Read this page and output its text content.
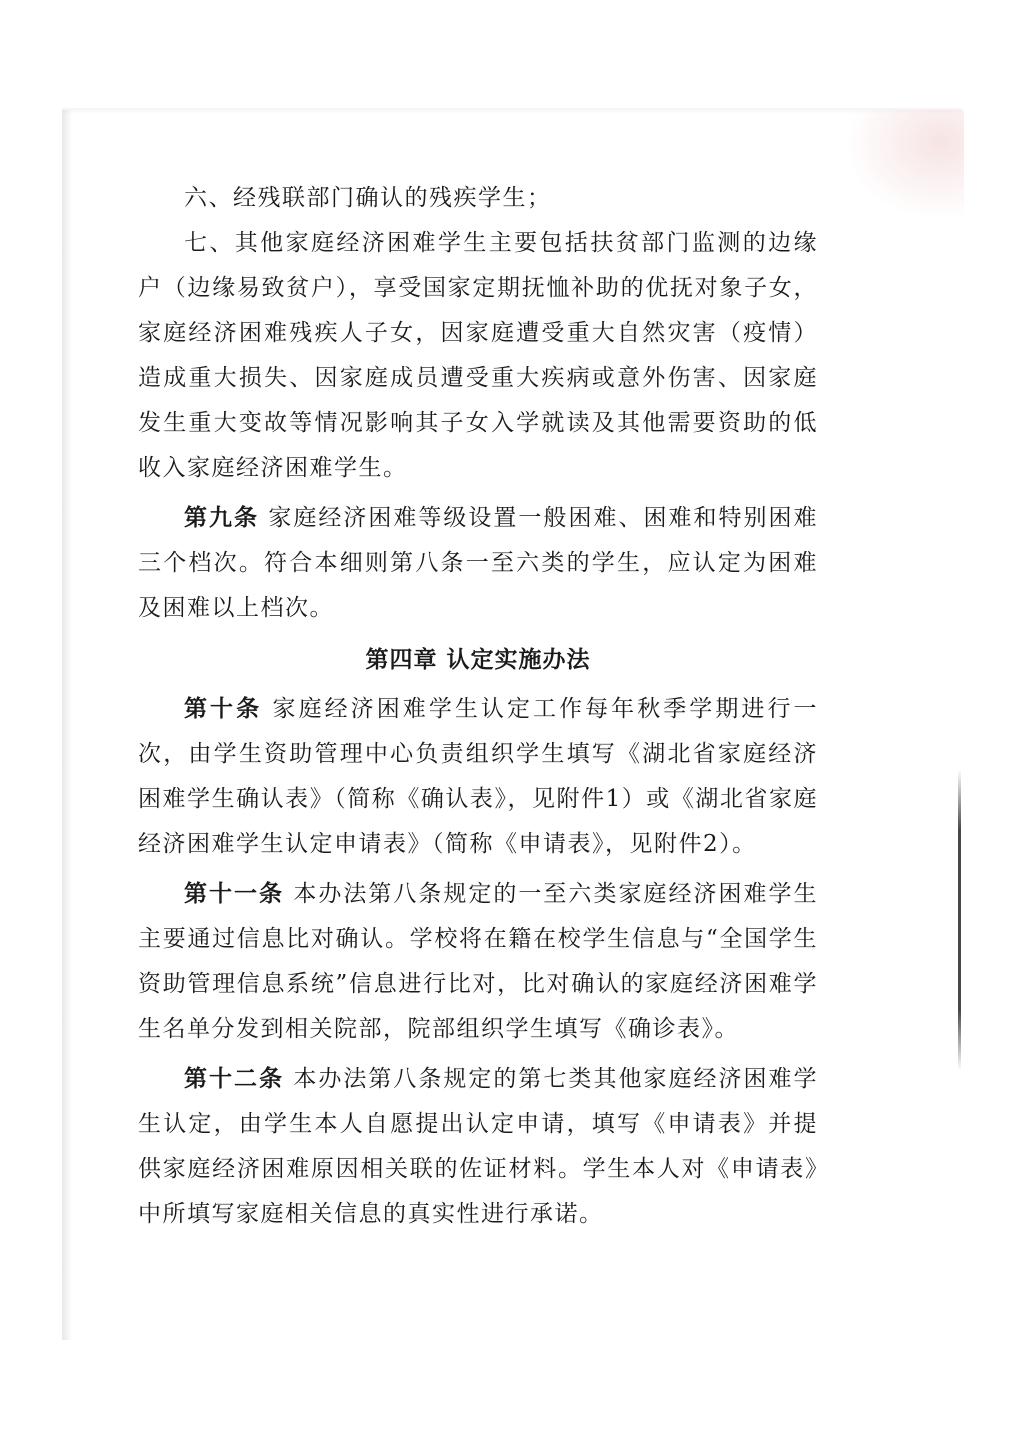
六、经残联部门确认的残疾学生；

七、其他家庭经济困难学生主要包括扶贫部门监测的边缘户（边缘易致贫户），享受国家定期抚恤补助的优抚对象子女，家庭经济困难残疾人子女，因家庭遭受重大自然灾害（疫情）造成重大损失、因家庭成员遭受重大疾病或意外伤害、因家庭发生重大变故等情况影响其子女入学就读及其他需要资助的低收入家庭经济困难学生。

第九条 家庭经济困难等级设置一般困难、困难和特别困难三个档次。符合本细则第八条一至六类的学生，应认定为困难及困难以上档次。

第四章 认定实施办法

第十条 家庭经济困难学生认定工作每年秋季学期进行一次，由学生资助管理中心负责组织学生填写《湖北省家庭经济困难学生确认表》（简称《确认表》，见附件1）或《湖北省家庭经济困难学生认定申请表》（简称《申请表》，见附件2）。

第十一条 本办法第八条规定的一至六类家庭经济困难学生主要通过信息比对确认。学校将在籍在校学生信息与“全国学生资助管理信息系统”信息进行比对，比对确认的家庭经济困难学生名单分发到相关院部，院部组织学生填写《确诊表》。

第十二条 本办法第八条规定的第七类其他家庭经济困难学生认定，由学生本人自愿提出认定申请，填写《申请表》并提供家庭经济困难原因相关联的佐证材料。学生本人对《申请表》中所填写家庭相关信息的真实性进行承诺。
